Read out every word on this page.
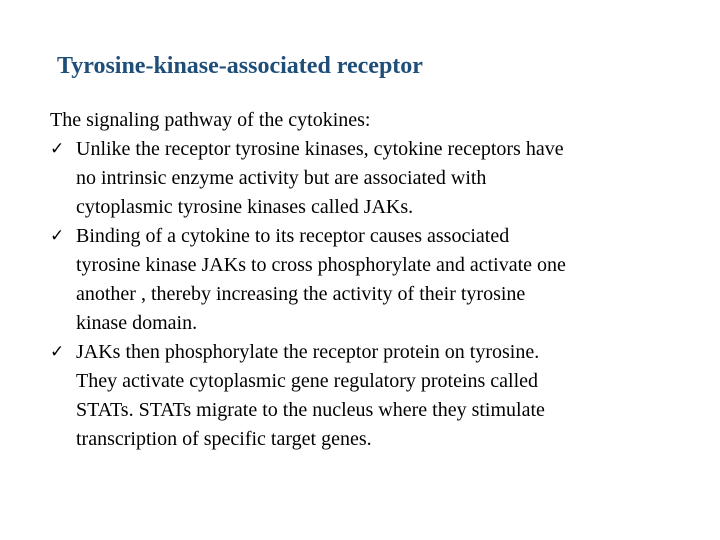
Tyrosine-kinase-associated receptor

The signaling pathway of the cytokines:

✓ Unlike the receptor tyrosine kinases, cytokine receptors have
no intrinsic enzyme activity but are associated with
cytoplasmic tyrosine kinases called JAKs.
✓ Binding of a cytokine to its receptor causes associated
tyrosine kinase JAKs to cross phosphorylate and activate one
another , thereby increasing the activity of their tyrosine
kinase domain.
✓ JAKs then phosphorylate the receptor protein on tyrosine.
They activate cytoplasmic gene regulatory proteins called
STATs. STATs migrate to the nucleus where they stimulate
transcription of specific target genes.
